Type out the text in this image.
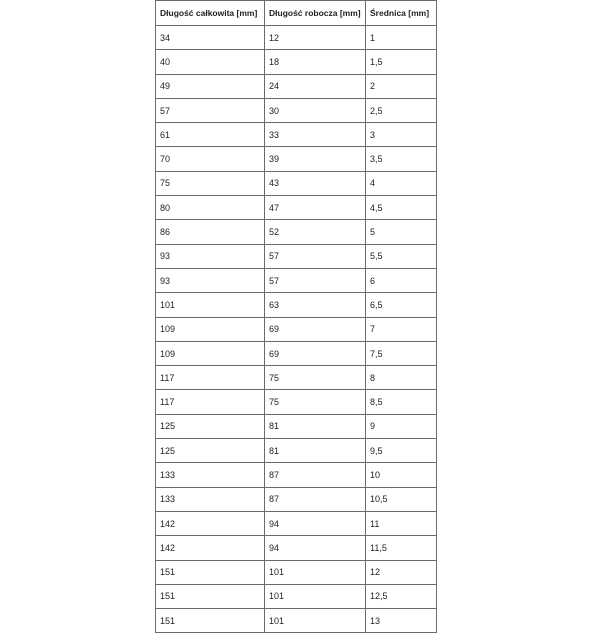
Długość całkowita [mm]	Długość robocza [mm]	Średnica [mm]
34	12	1
40	18	1,5
49	24	2
57	30	2,5
61	33	3
70	39	3,5
75	43	4
80	47	4,5
86	52	5
93	57	5,5
93	57	6
101	63	6,5
109	69	7
109	69	7,5
117	75	8
117	75	8,5
125	81	9
125	81	9,5
133	87	10
133	87	10,5
142	94	11
142	94	11,5
151	101	12
151	101	12,5
151	101	13
